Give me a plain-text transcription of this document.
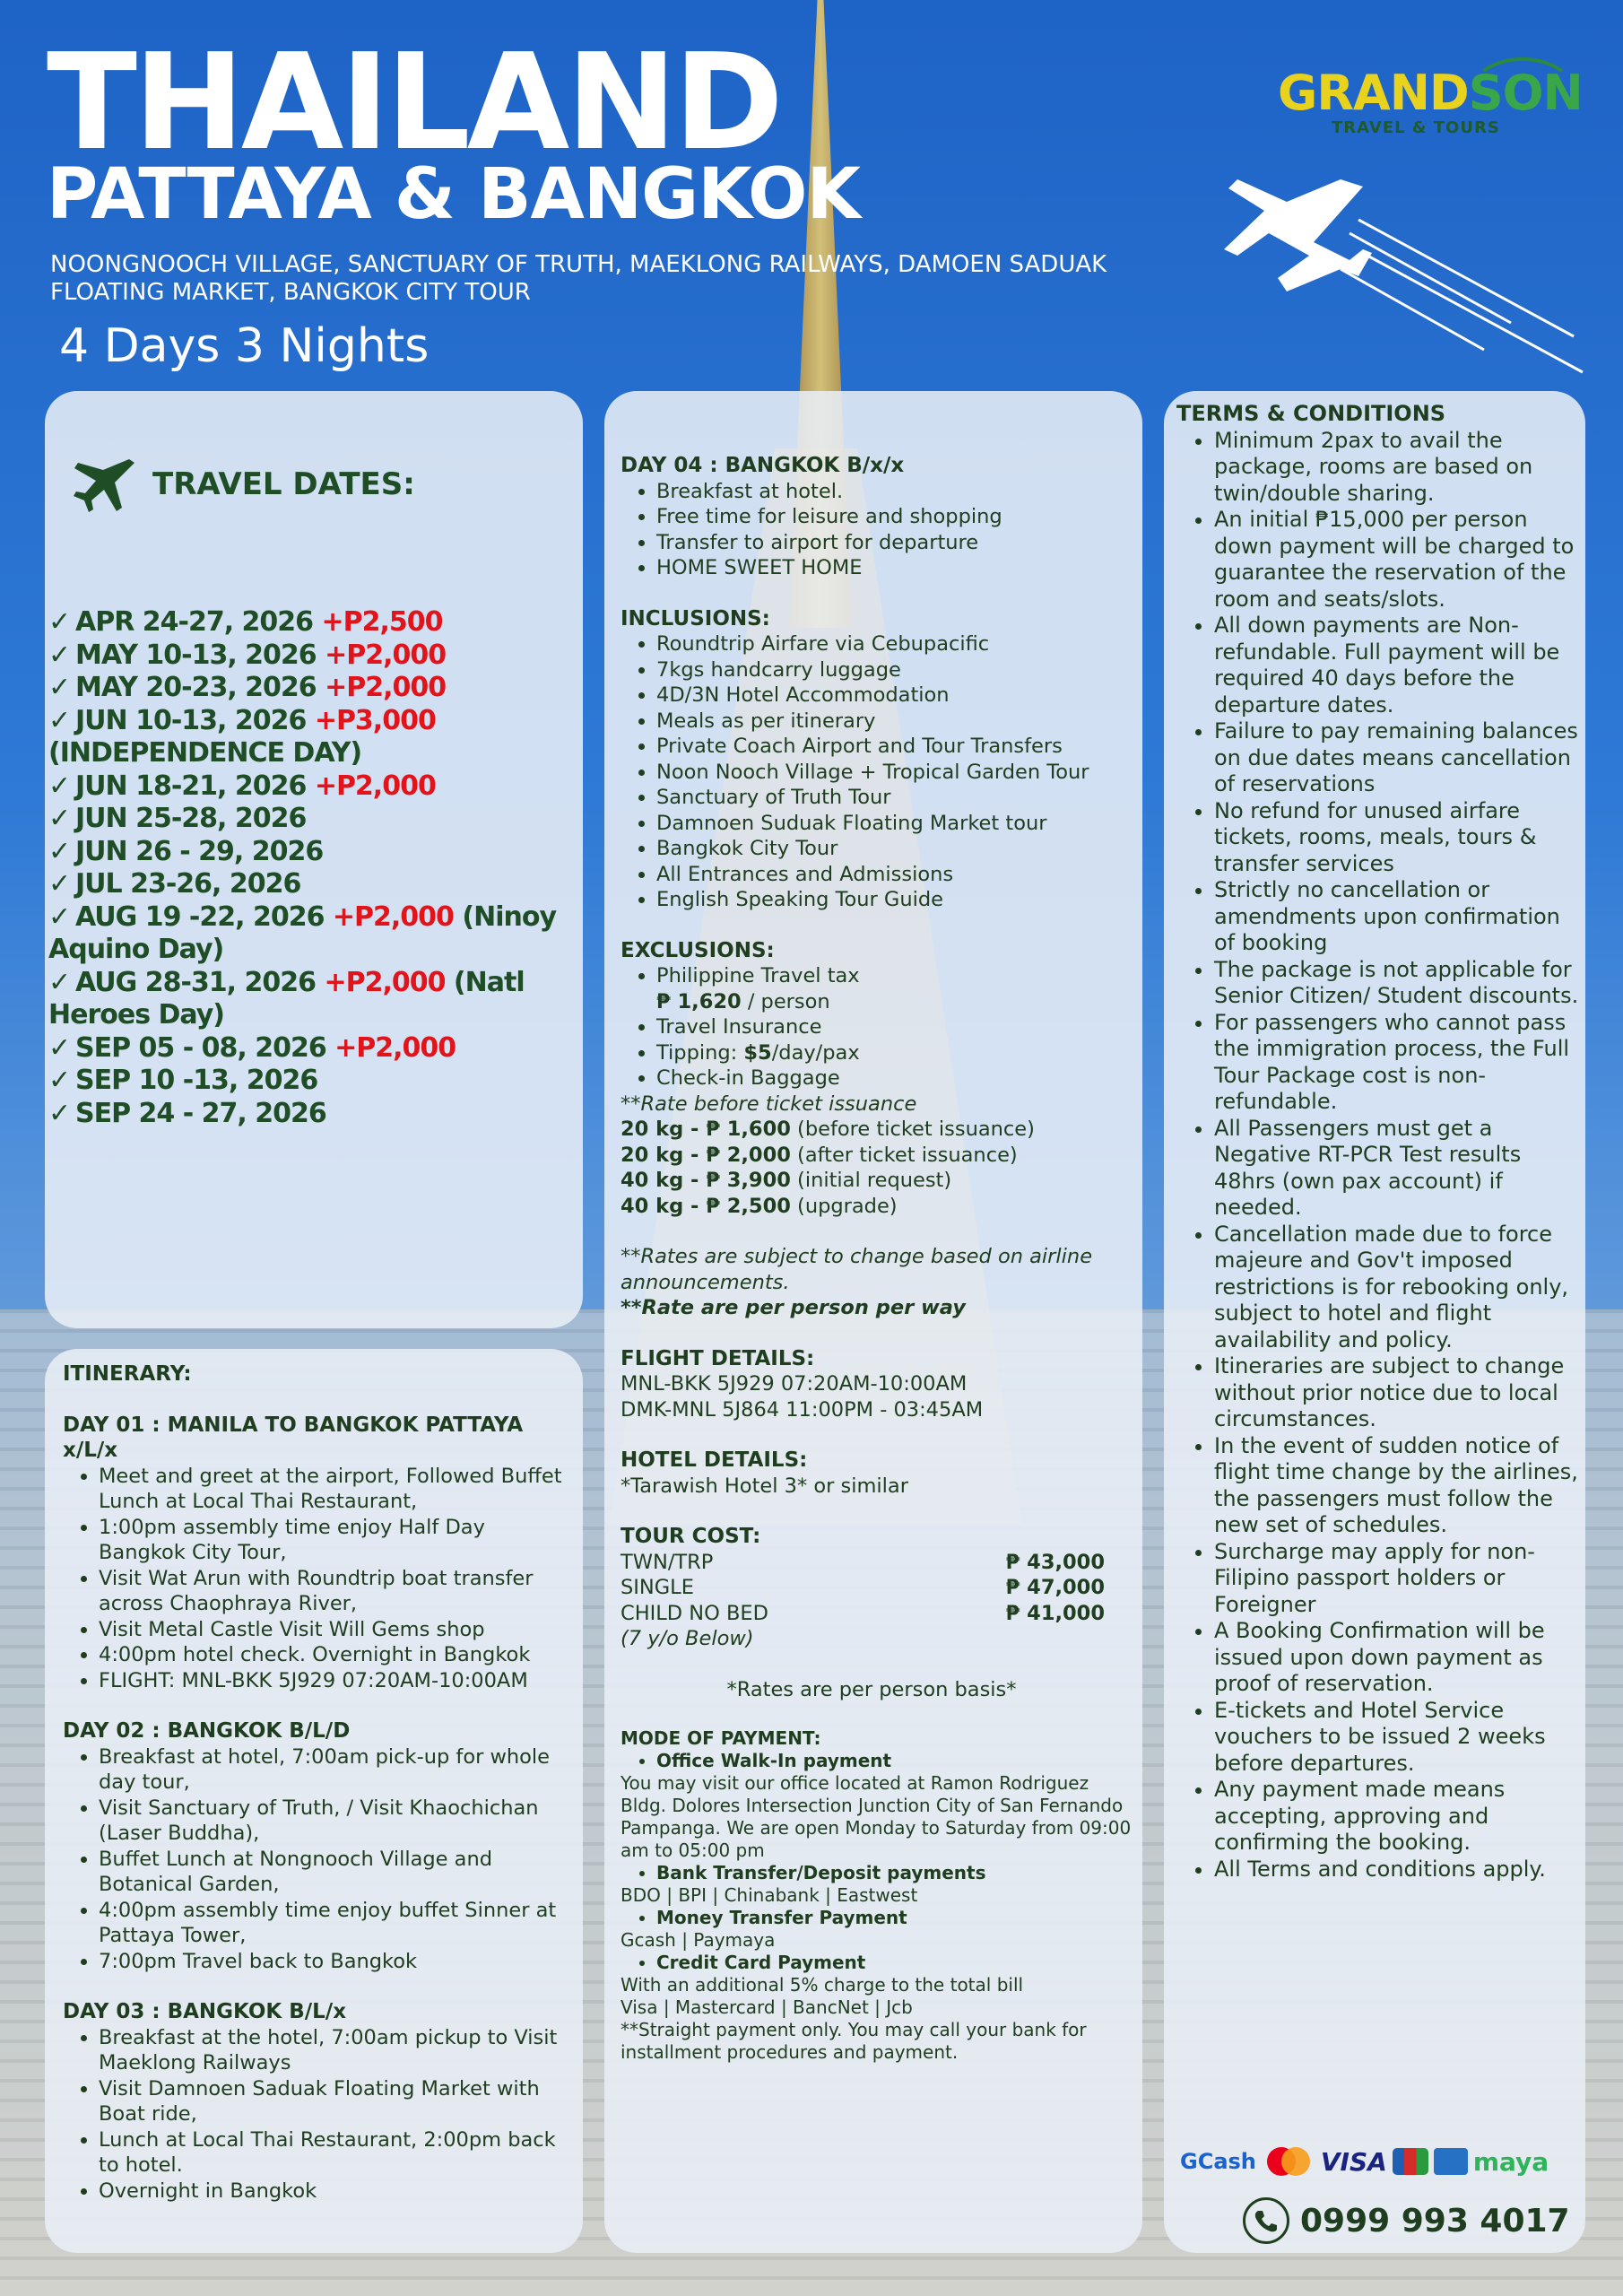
THAILAND
PATTAYA & BANGKOK
NOONGNOOCH VILLAGE, SANCTUARY OF TRUTH, MAEKLONG RAILWAYS, DAMOEN SADUAK FLOATING MARKET, BANGKOK CITY TOUR
4 Days 3 Nights
GRANDSON
TRAVEL & TOURS
TRAVEL DATES:
✓ APR 24-27, 2026 +P2,500
✓ MAY 10-13, 2026 +P2,000
✓ MAY 20-23, 2026 +P2,000
✓ JUN 10-13, 2026 +P3,000 (INDEPENDENCE DAY)
✓ JUN 18-21, 2026 +P2,000
✓ JUN 25-28, 2026
✓ JUN 26 - 29, 2026
✓ JUL 23-26, 2026
✓ AUG 19 -22, 2026 +P2,000 (Ninoy Aquino Day)
✓ AUG 28-31, 2026 +P2,000 (Natl Heroes Day)
✓ SEP 05 - 08, 2026 +P2,000
✓ SEP 10 -13, 2026
✓ SEP 24 - 27, 2026
ITINERARY:
DAY 01 : MANILA TO BANGKOK PATTAYA x/L/x
• Meet and greet at the airport, Followed Buffet Lunch at Local Thai Restaurant,
• 1:00pm assembly time enjoy Half Day Bangkok City Tour,
• Visit Wat Arun with Roundtrip boat transfer across Chaophraya River,
• Visit Metal Castle Visit Will Gems shop
• 4:00pm hotel check. Overnight in Bangkok
• FLIGHT: MNL-BKK 5J929 07:20AM-10:00AM
DAY 02 : BANGKOK B/L/D
• Breakfast at hotel, 7:00am pick-up for whole day tour,
• Visit Sanctuary of Truth, / Visit Khaochichan (Laser Buddha),
• Buffet Lunch at Nongnooch Village and Botanical Garden,
• 4:00pm assembly time enjoy buffet Sinner at Pattaya Tower,
• 7:00pm Travel back to Bangkok
DAY 03 : BANGKOK B/L/x
• Breakfast at the hotel, 7:00am pickup to Visit Maeklong Railways
• Visit Damnoen Saduak Floating Market with Boat ride,
• Lunch at Local Thai Restaurant, 2:00pm back to hotel.
• Overnight in Bangkok
DAY 04 : BANGKOK B/x/x
• Breakfast at hotel.
• Free time for leisure and shopping
• Transfer to airport for departure
• HOME SWEET HOME
INCLUSIONS:
• Roundtrip Airfare via Cebupacific
• 7kgs handcarry luggage
• 4D/3N Hotel Accommodation
• Meals as per itinerary
• Private Coach Airport and Tour Transfers
• Noon Nooch Village + Tropical Garden Tour
• Sanctuary of Truth Tour
• Damnoen Suduak Floating Market tour
• Bangkok City Tour
• All Entrances and Admissions
• English Speaking Tour Guide
EXCLUSIONS:
• Philippine Travel tax
₱ 1,620 / person
• Travel Insurance
• Tipping: $5/day/pax
• Check-in Baggage
**Rate before ticket issuance
20 kg - ₱ 1,600 (before ticket issuance)
20 kg - ₱ 2,000 (after ticket issuance)
40 kg - ₱ 3,900 (initial request)
40 kg - ₱ 2,500 (upgrade)
**Rates are subject to change based on airline announcements.
**Rate are per person per way
FLIGHT DETAILS:
MNL-BKK 5J929 07:20AM-10:00AM
DMK-MNL 5J864 11:00PM - 03:45AM
HOTEL DETAILS:
*Tarawish Hotel 3* or similar
TOUR COST:
TWN/TRP	₱ 43,000
SINGLE	₱ 47,000
CHILD NO BED	₱ 41,000
(7 y/o Below)
*Rates are per person basis*
MODE OF PAYMENT:
• Office Walk-In payment
You may visit our office located at Ramon Rodriguez Bldg. Dolores Intersection Junction City of San Fernando Pampanga. We are open Monday to Saturday from 09:00 am to 05:00 pm
• Bank Transfer/Deposit payments
BDO | BPI | Chinabank | Eastwest
• Money Transfer Payment
Gcash | Paymaya
• Credit Card Payment
With an additional 5% charge to the total bill
Visa | Mastercard | BancNet | Jcb
**Straight payment only. You may call your bank for installment procedures and payment.
TERMS & CONDITIONS
• Minimum 2pax to avail the package, rooms are based on twin/double sharing.
• An initial ₱15,000 per person down payment will be charged to guarantee the reservation of the room and seats/slots.
• All down payments are Non-refundable. Full payment will be required 40 days before the departure dates.
• Failure to pay remaining balances on due dates means cancellation of reservations
• No refund for unused airfare tickets, rooms, meals, tours & transfer services
• Strictly no cancellation or amendments upon confirmation of booking
• The package is not applicable for Senior Citizen/ Student discounts.
• For passengers who cannot pass the immigration process, the Full Tour Package cost is non-refundable.
• All Passengers must get a Negative RT-PCR Test results 48hrs (own pax account) if needed.
• Cancellation made due to force majeure and Gov't imposed restrictions is for rebooking only, subject to hotel and flight availability and policy.
• Itineraries are subject to change without prior notice due to local circumstances.
• In the event of sudden notice of flight time change by the airlines, the passengers must follow the new set of schedules.
• Surcharge may apply for non-Filipino passport holders or Foreigner
• A Booking Confirmation will be issued upon down payment as proof of reservation.
• E-tickets and Hotel Service vouchers to be issued 2 weeks before departures.
• Any payment made means accepting, approving and confirming the booking.
• All Terms and conditions apply.
GCash	VISA	maya
0999 993 4017
